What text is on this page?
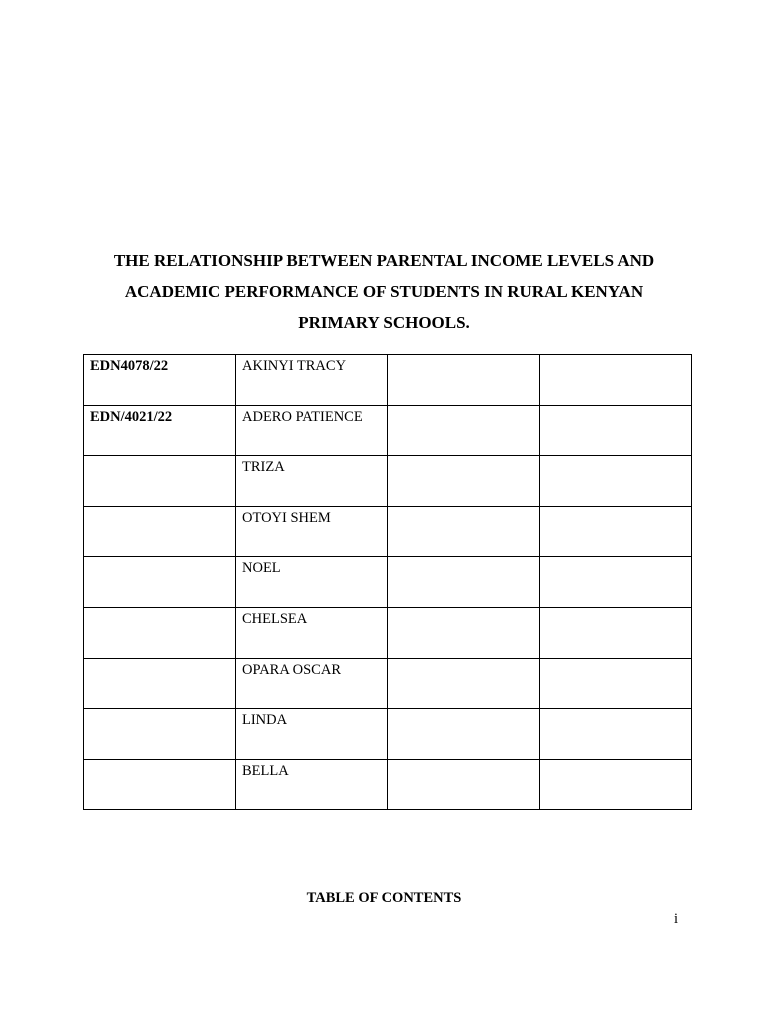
THE RELATIONSHIP BETWEEN PARENTAL INCOME LEVELS AND
ACADEMIC PERFORMANCE OF STUDENTS IN RURAL KENYAN
PRIMARY SCHOOLS.
EDN4078/22	AKINYI TRACY		
EDN/4021/22	ADERO PATIENCE		
	TRIZA		
	OTOYI SHEM		
	NOEL		
	CHELSEA		
	OPARA OSCAR		
	LINDA		
	BELLA		
TABLE OF CONTENTS
i
